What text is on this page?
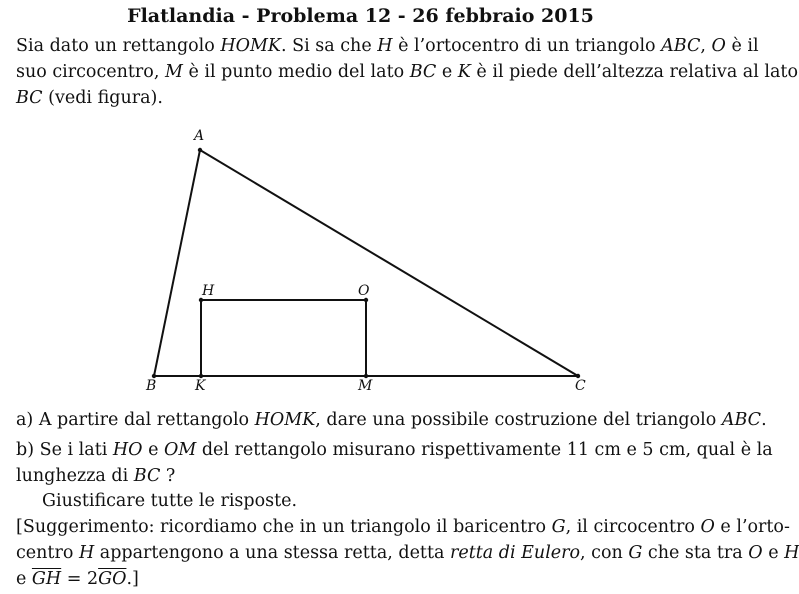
Flatlandia - Problema 12 - 26 febbraio 2015
Sia dato un rettangolo HOMK. Si sa che H è l’ortocentro di un triangolo ABC, O è il
suo circocentro, M è il punto medio del lato BC e K è il piede dell’altezza relativa al lato
BC (vedi figura).
A
B	C
H	O
K	M
a) A partire dal rettangolo HOMK, dare una possibile costruzione del triangolo ABC.
b) Se i lati HO e OM del rettangolo misurano rispettivamente 11 cm e 5 cm, qual è la
lunghezza di BC ?
Giustificare tutte le risposte.
[Suggerimento: ricordiamo che in un triangolo il baricentro G, il circocentro O e l’orto-
centro H appartengono a una stessa retta, detta retta di Eulero, con G che sta tra O e H
e $\overline{GH} = 2\overline{GO}$.]
